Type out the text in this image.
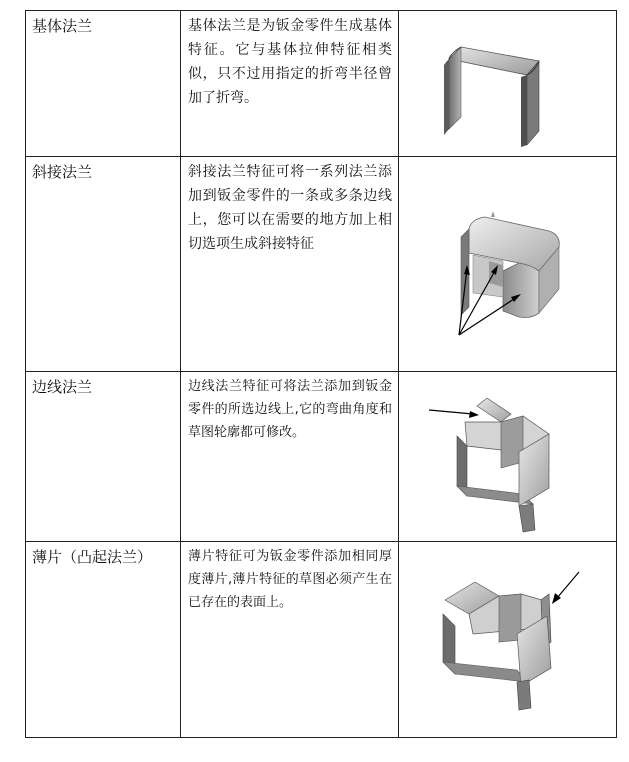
基体法兰	基体法兰是为钣金零件生成基体特征。它与基体拉伸特征相类似，只不过用指定的折弯半径曾加了折弯。

斜接法兰	斜接法兰特征可将一系列法兰添加到钣金零件的一条或多条边线上，您可以在需要的地方加上相切选项生成斜接特征

边线法兰	边线法兰特征可将法兰添加到钣金零件的所选边线上,它的弯曲角度和草图轮廓都可修改。

薄片（凸起法兰）	薄片特征可为钣金零件添加相同厚度薄片,薄片特征的草图必须产生在已存在的表面上。
